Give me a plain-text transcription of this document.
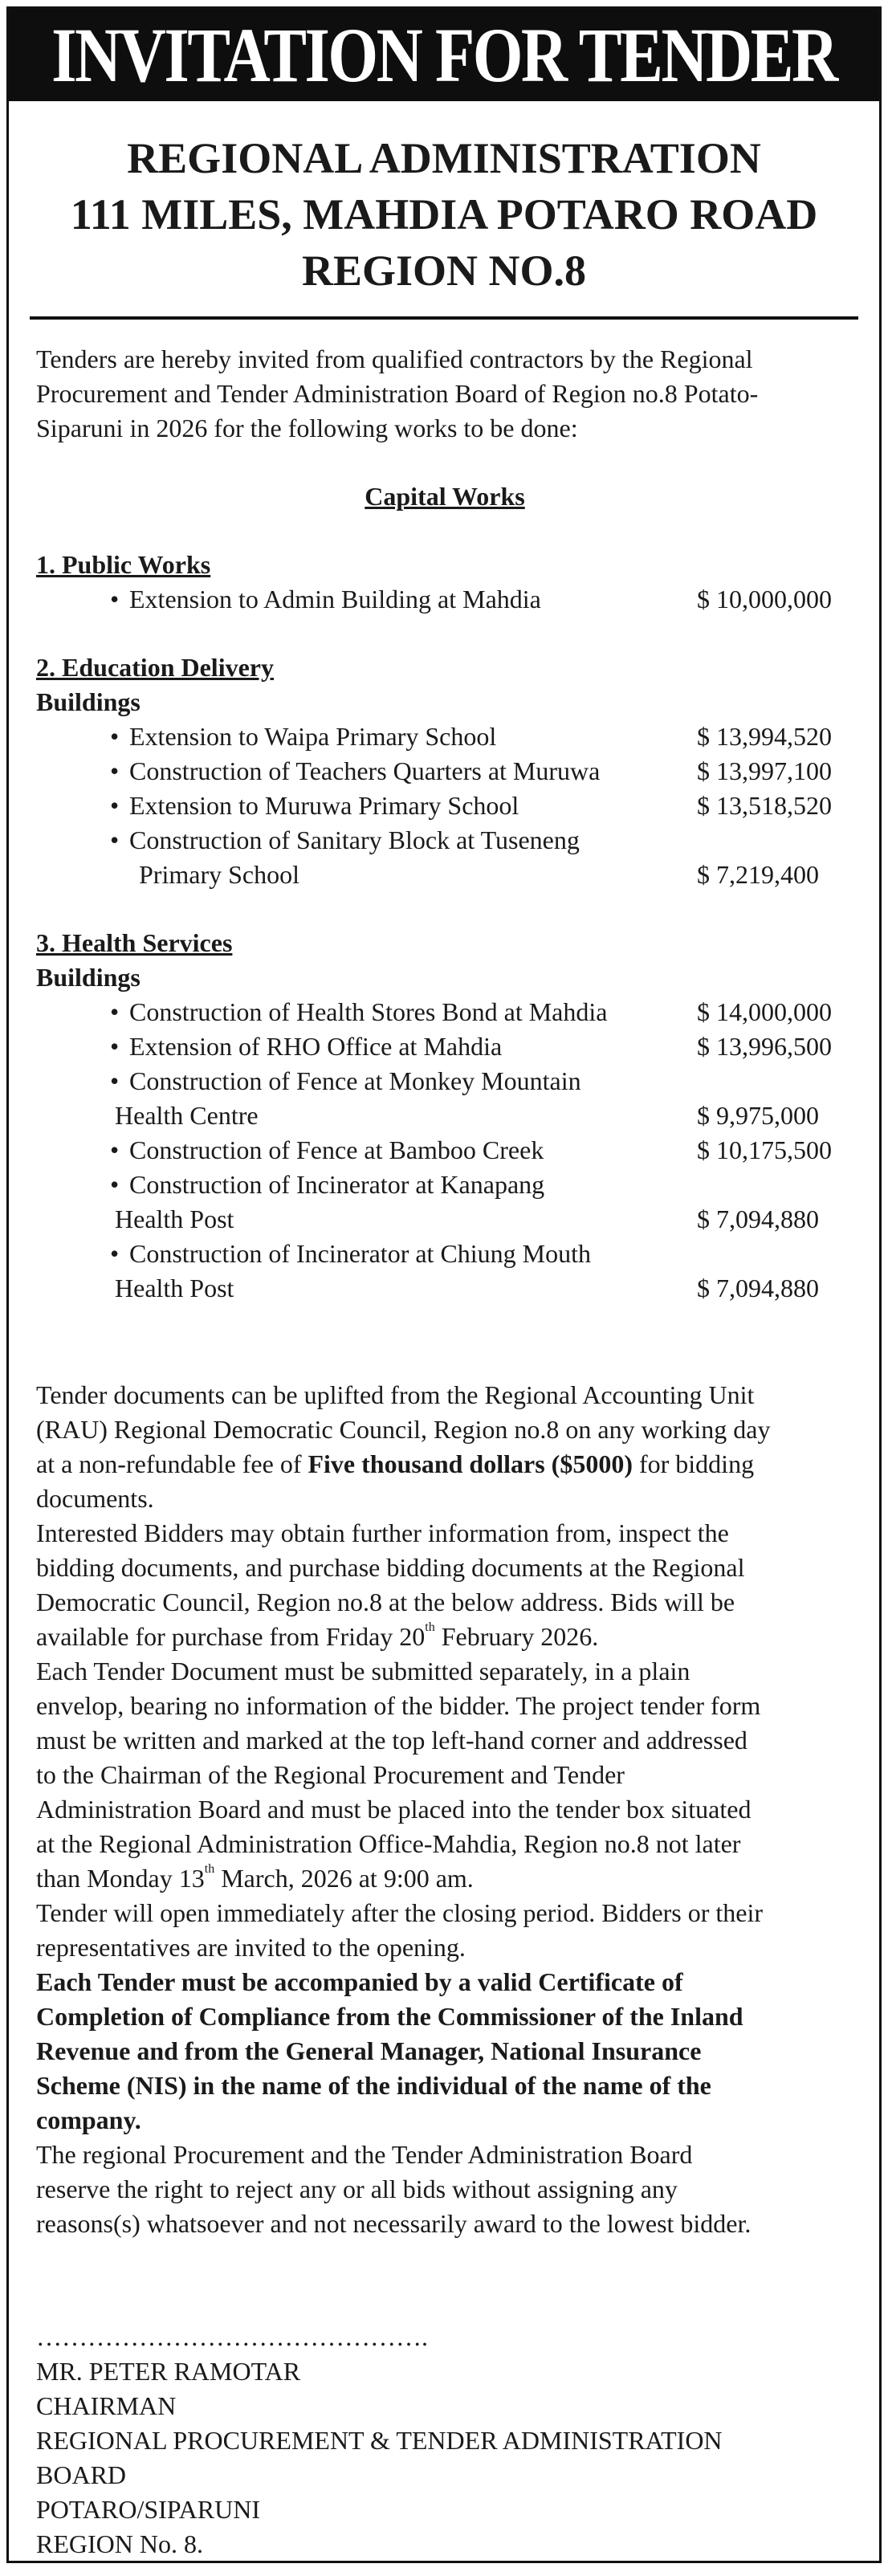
INVITATION FOR TENDER
REGIONAL ADMINISTRATION
111 MILES, MAHDIA POTARO ROAD
REGION NO.8
Tenders are hereby invited from qualified contractors by the Regional
Procurement and Tender Administration Board of Region no.8 Potato-
Siparuni in 2026 for the following works to be done:
Capital Works
1. Public Works
• Extension to Admin Building at Mahdia	$ 10,000,000
2. Education Delivery
Buildings
• Extension to Waipa Primary School	$ 13,994,520
• Construction of Teachers Quarters at Muruwa	$ 13,997,100
• Extension to Muruwa Primary School	$ 13,518,520
• Construction of Sanitary Block at Tuseneng
Primary School	$ 7,219,400
3. Health Services
Buildings
• Construction of Health Stores Bond at Mahdia	$ 14,000,000
• Extension of RHO Office at Mahdia	$ 13,996,500
• Construction of Fence at Monkey Mountain
Health Centre	$ 9,975,000
• Construction of Fence at Bamboo Creek	$ 10,175,500
• Construction of Incinerator at Kanapang
Health Post	$ 7,094,880
• Construction of Incinerator at Chiung Mouth
Health Post	$ 7,094,880
Tender documents can be uplifted from the Regional Accounting Unit
(RAU) Regional Democratic Council, Region no.8 on any working day
at a non-refundable fee of Five thousand dollars ($5000) for bidding
documents.
Interested Bidders may obtain further information from, inspect the
bidding documents, and purchase bidding documents at the Regional
Democratic Council, Region no.8 at the below address. Bids will be
available for purchase from Friday 20th February 2026.
Each Tender Document must be submitted separately, in a plain
envelop, bearing no information of the bidder. The project tender form
must be written and marked at the top left-hand corner and addressed
to the Chairman of the Regional Procurement and Tender
Administration Board and must be placed into the tender box situated
at the Regional Administration Office-Mahdia, Region no.8 not later
than Monday 13th March, 2026 at 9:00 am.
Tender will open immediately after the closing period. Bidders or their
representatives are invited to the opening.
Each Tender must be accompanied by a valid Certificate of
Completion of Compliance from the Commissioner of the Inland
Revenue and from the General Manager, National Insurance
Scheme (NIS) in the name of the individual of the name of the
company.
The regional Procurement and the Tender Administration Board
reserve the right to reject any or all bids without assigning any
reasons(s) whatsoever and not necessarily award to the lowest bidder.
……………………………………….
MR. PETER RAMOTAR
CHAIRMAN
REGIONAL PROCUREMENT & TENDER ADMINISTRATION
BOARD
POTARO/SIPARUNI
REGION No. 8.
